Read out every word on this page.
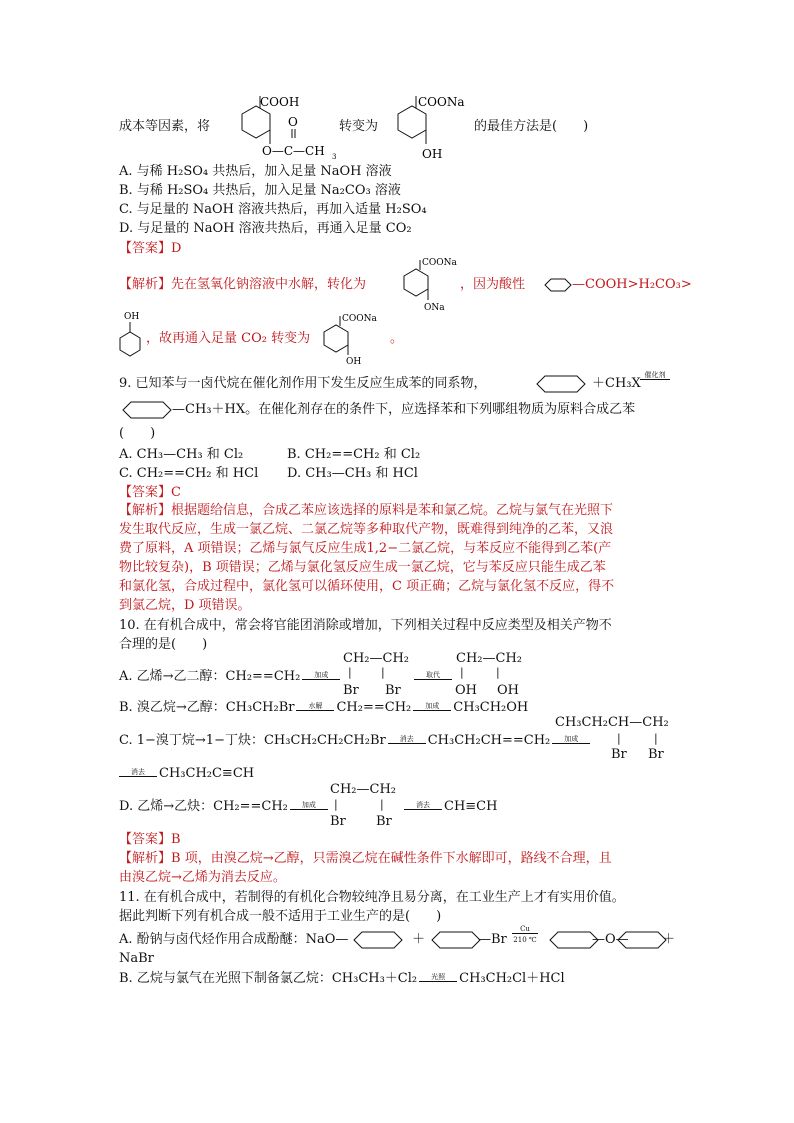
成本等因素，将
COOH
O
O—C—CH 3
转变为
COONa
OH
的最佳方法是(　　)
A. 与稀 H₂SO₄ 共热后，加入足量 NaOH 溶液
B. 与稀 H₂SO₄ 共热后，加入足量 Na₂CO₃ 溶液
C. 与足量的 NaOH 溶液共热后，再加入适量 H₂SO₄
D. 与足量的 NaOH 溶液共热后，再通入足量 CO₂
【答案】D
【解析】先在氢氧化钠溶液中水解，转化为
COONa
ONa
，因为酸性	—COOH>H₂CO₃>
OH
，故再通入足量 CO₂ 转变为
COONa
OH
。
9. 已知苯与一卤代烷在催化剂作用下发生反应生成苯的同系物，	＋CH₃X
催化剂
—CH₃＋HX。在催化剂存在的条件下，应选择苯和下列哪组物质为原料合成乙苯
(　　)
A. CH₃—CH₃ 和 Cl₂	B. CH₂==CH₂ 和 Cl₂
C. CH₂==CH₂ 和 HCl D. CH₃—CH₃ 和 HCl
【答案】C
【解析】根据题给信息，合成乙苯应该选择的原料是苯和氯乙烷。乙烷与氯气在光照下
发生取代反应，生成一氯乙烷、二氯乙烷等多种取代产物，既难得到纯净的乙苯，又浪
费了原料，A 项错误；乙烯与氯气反应生成1,2−二氯乙烷，与苯反应不能得到乙苯(产
物比较复杂)，B 项错误；乙烯与氯化氢反应生成一氯乙烷，它与苯反应只能生成乙苯
和氯化氢，合成过程中，氯化氢可以循环使用，C 项正确；乙烷与氯化氢不反应，得不
到氯乙烷，D 项错误。
10. 在有机合成中，常会将官能团消除或增加，下列相关过程中反应类型及相关产物不
合理的是(　　)
A. 乙烯→乙二醇：CH₂==CH₂	加成
CH₂—CH₂
|	|
Br Br
取代
CH₂—CH₂
|	|
OH OH
B. 溴乙烷→乙醇：CH₃CH₂Br	水解	CH₂==CH₂	加成	CH₃CH₂OH
C. 1−溴丁烷→1−丁炔：CH₃CH₂CH₂CH₂Br	消去	CH₃CH₂CH==CH₂	加成
CH₃CH₂CH—CH₂
|	|
Br Br
消去	CH₃CH₂C≡CH
D. 乙烯→乙炔：CH₂==CH₂	加成
CH₂—CH₂
|	|
Br Br
消去	CH≡CH
【答案】B
【解析】B 项，由溴乙烷→乙醇，只需溴乙烷在碱性条件下水解即可，路线不合理，且
由溴乙烷→乙烯为消去反应。
11. 在有机合成中，若制得的有机化合物较纯净且易分离，在工业生产上才有实用价值。
据此判断下列有机合成一般不适用于工业生产的是(　　)
A. 酚钠与卤代烃作用合成酚醚：NaO—	＋	—Br
Cu
210 ℃	—O—	＋
NaBr
B. 乙烷与氯气在光照下制备氯乙烷：CH₃CH₃＋Cl₂	光照	CH₃CH₂Cl＋HCl
